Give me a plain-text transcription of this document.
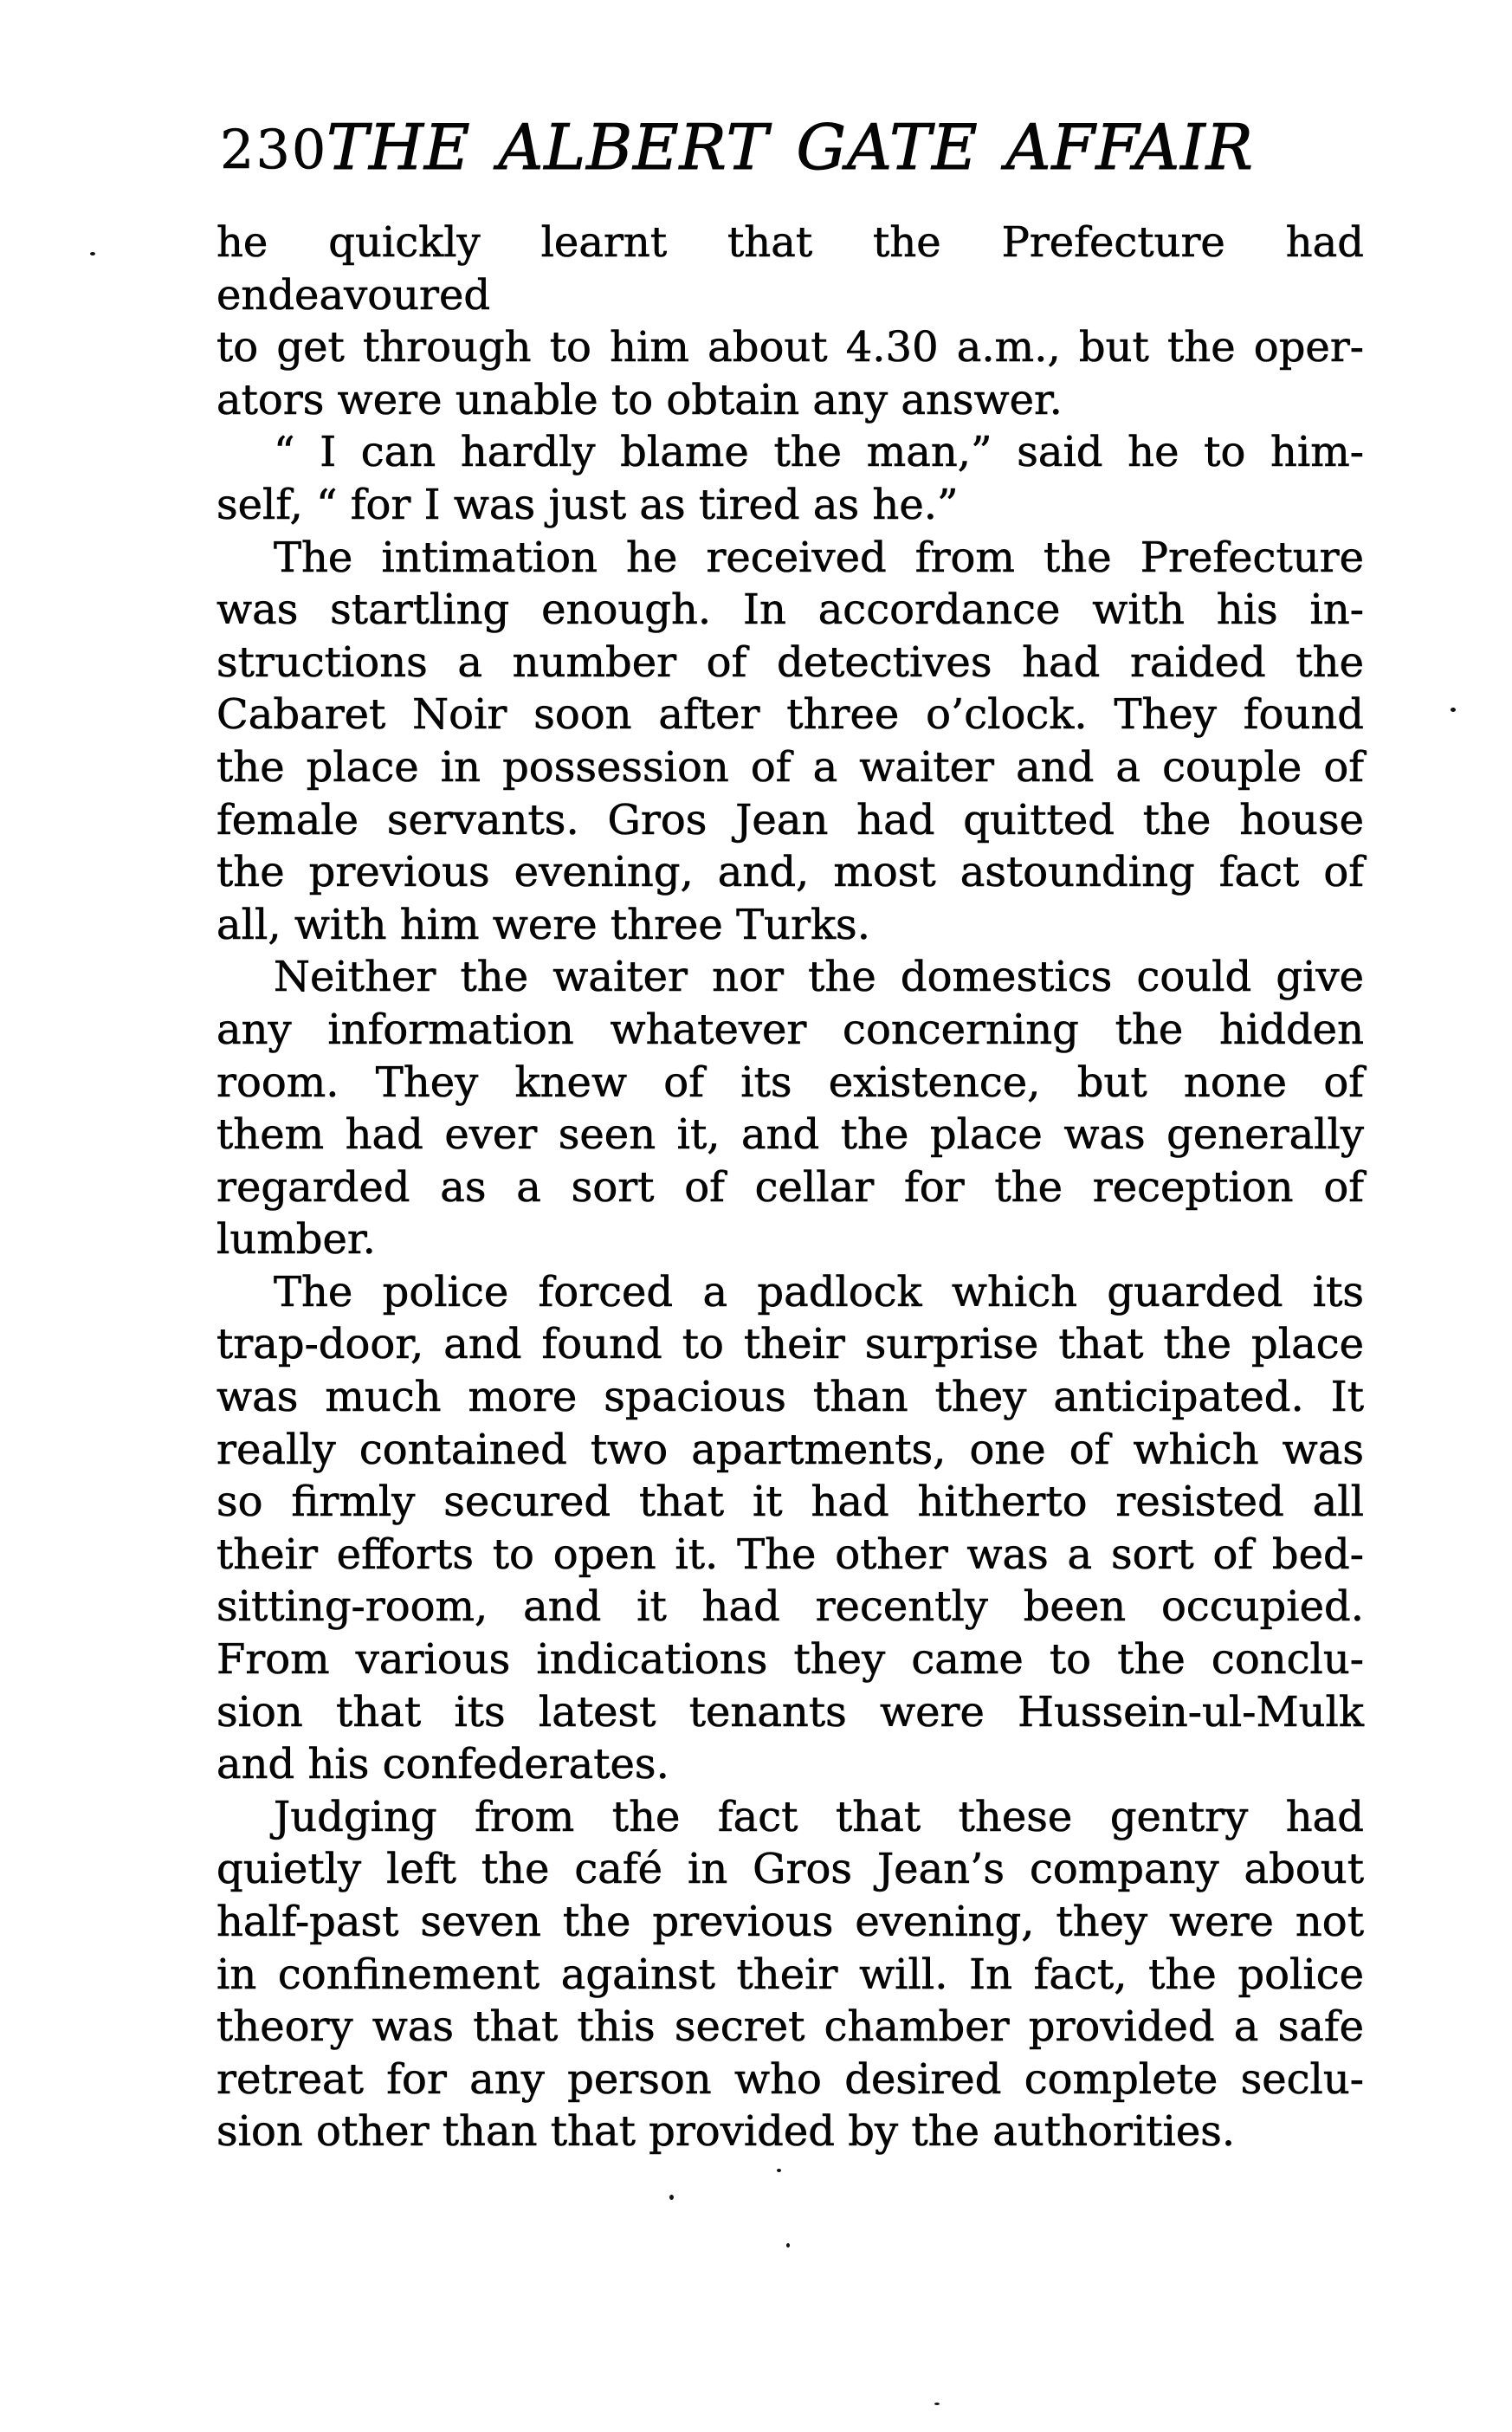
230
THE ALBERT GATE AFFAIR
he quickly learnt that the Prefecture had endeavoured
to get through to him about 4.30 a.m., but the oper-
ators were unable to obtain any answer.
“ I can hardly blame the man,” said he to him-
self, “ for I was just as tired as he.”
The intimation he received from the Prefecture
was startling enough. In accordance with his in-
structions a number of detectives had raided the
Cabaret Noir soon after three o’clock. They found
the place in possession of a waiter and a couple of
female servants. Gros Jean had quitted the house
the previous evening, and, most astounding fact of
all, with him were three Turks.
Neither the waiter nor the domestics could give
any information whatever concerning the hidden
room. They knew of its existence, but none of
them had ever seen it, and the place was generally
regarded as a sort of cellar for the reception of
lumber.
The police forced a padlock which guarded its
trap-door, and found to their surprise that the place
was much more spacious than they anticipated. It
really contained two apartments, one of which was
so firmly secured that it had hitherto resisted all
their efforts to open it. The other was a sort of bed-
sitting-room, and it had recently been occupied.
From various indications they came to the conclu-
sion that its latest tenants were Hussein-ul-Mulk
and his confederates.
Judging from the fact that these gentry had
quietly left the café in Gros Jean’s company about
half-past seven the previous evening, they were not
in confinement against their will. In fact, the police
theory was that this secret chamber provided a safe
retreat for any person who desired complete seclu-
sion other than that provided by the authorities.
